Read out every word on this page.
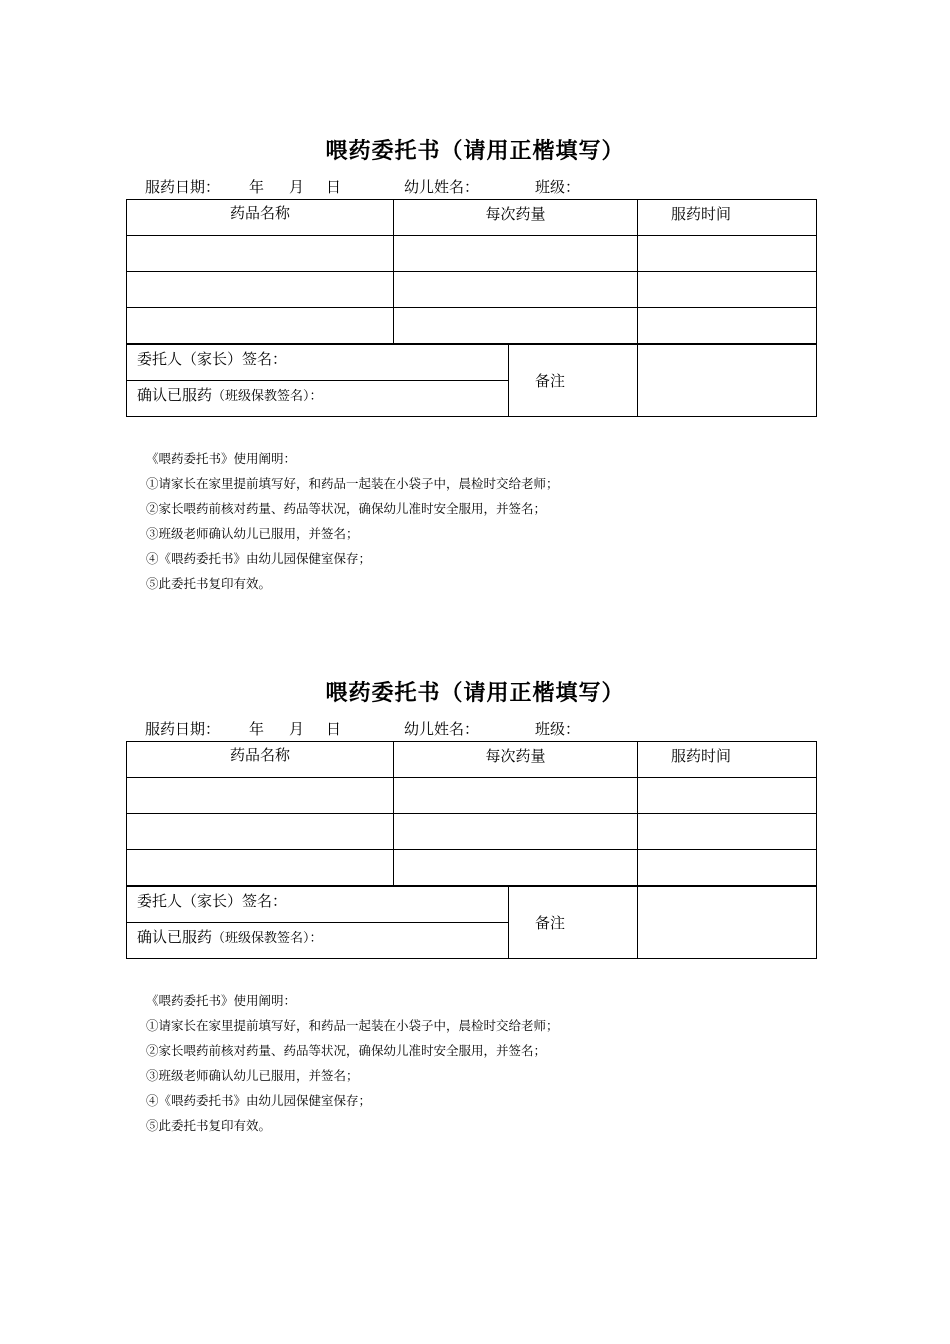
喂药委托书（请用正楷填写）
服药日期： 年 月 日	幼儿姓名：	班级：
药品名称	每次药量	服药时间

委托人（家长）签名：	备注	
确认已服药（班级保教签名）：
《喂药委托书》使用阐明：
①请家长在家里提前填写好，和药品一起装在小袋子中，晨检时交给老师；
②家长喂药前核对药量、药品等状况，确保幼儿准时安全服用，并签名；
③班级老师确认幼儿已服用，并签名；
④《喂药委托书》由幼儿园保健室保存；
⑤此委托书复印有效。
喂药委托书（请用正楷填写）
服药日期： 年 月 日	幼儿姓名：	班级：
药品名称	每次药量	服药时间

委托人（家长）签名：	备注	
确认已服药（班级保教签名）：
《喂药委托书》使用阐明：
①请家长在家里提前填写好，和药品一起装在小袋子中，晨检时交给老师；
②家长喂药前核对药量、药品等状况，确保幼儿准时安全服用，并签名；
③班级老师确认幼儿已服用，并签名；
④《喂药委托书》由幼儿园保健室保存；
⑤此委托书复印有效。
